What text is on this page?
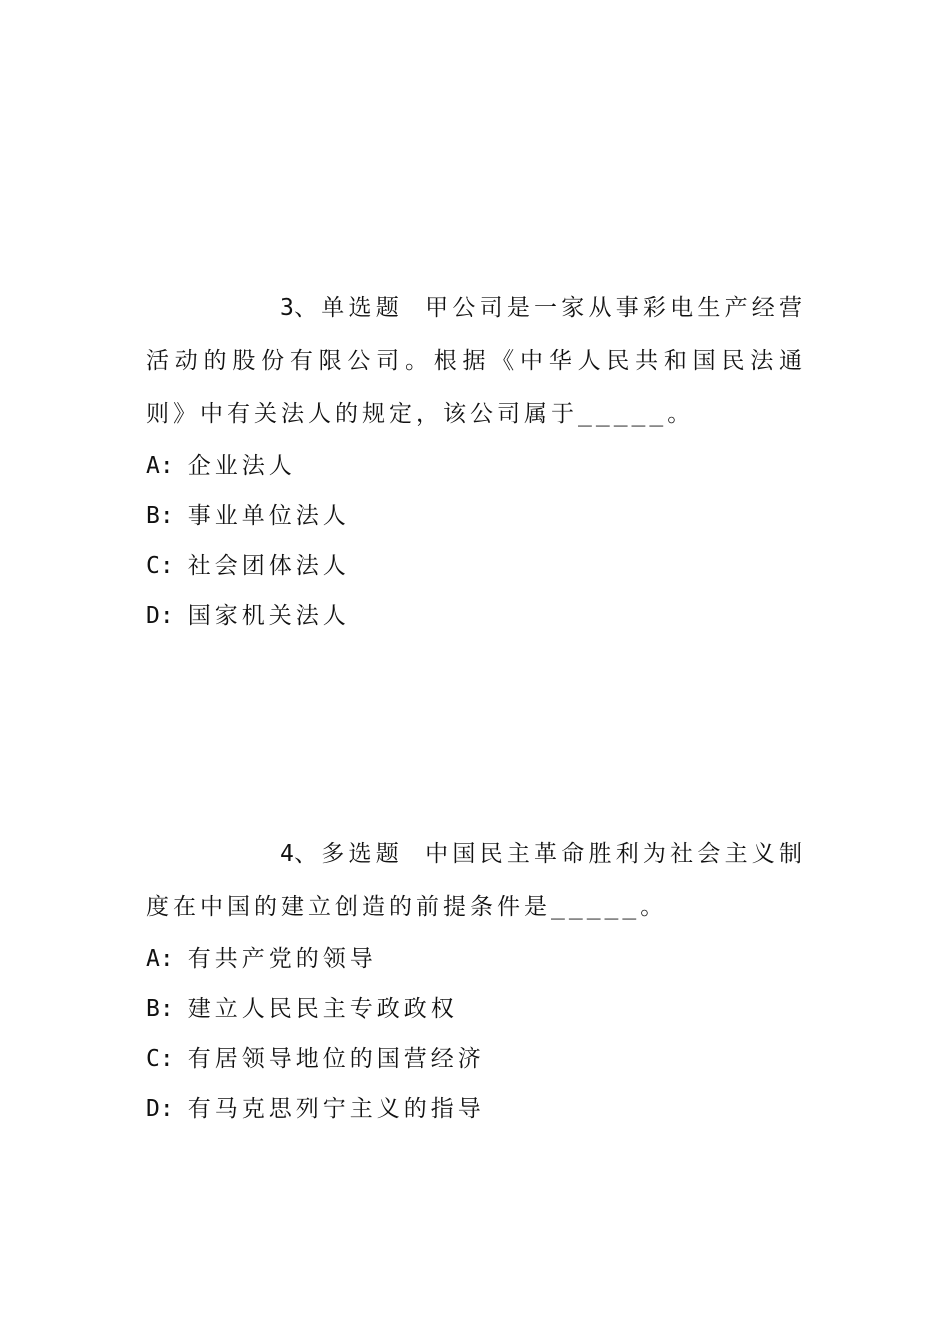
3、单选题 甲公司是一家从事彩电生产经营活动的股份有限公司。根据《中华人民共和国民法通则》中有关法人的规定，该公司属于_____。

A: 企业法人
B: 事业单位法人
C: 社会团体法人
D: 国家机关法人

4、多选题 中国民主革命胜利为社会主义制度在中国的建立创造的前提条件是_____。

A: 有共产党的领导
B: 建立人民民主专政政权
C: 有居领导地位的国营经济
D: 有马克思列宁主义的指导
